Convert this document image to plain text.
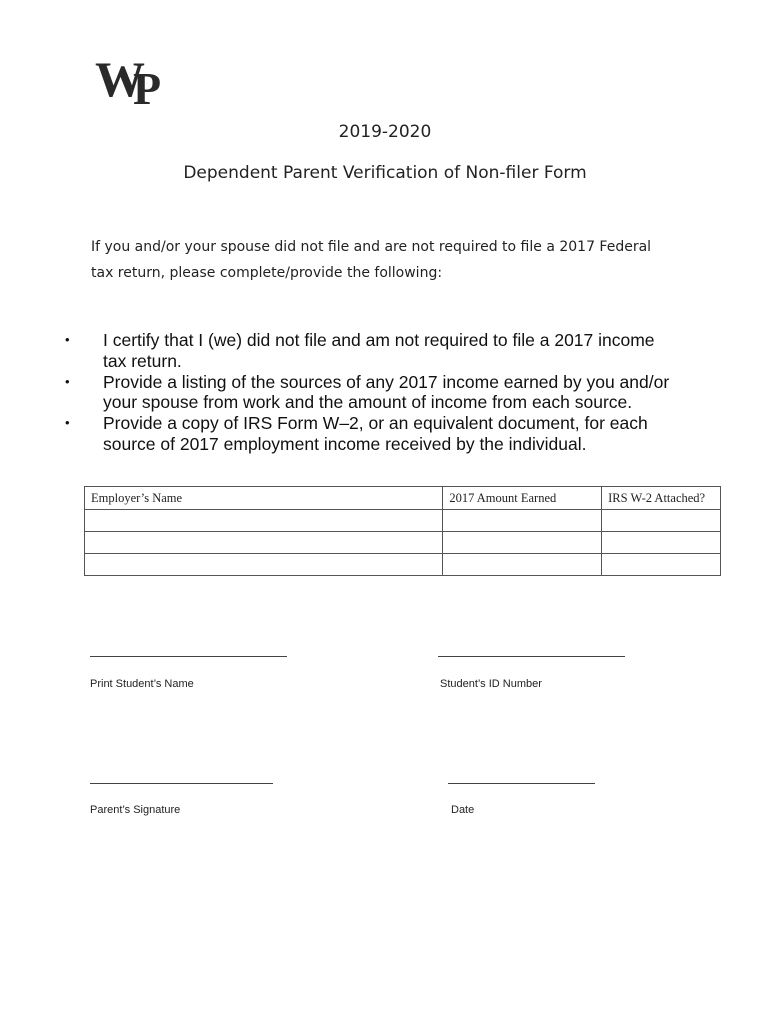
W
P
2019-2020
Dependent Parent Verification of Non-filer Form
If you and/or your spouse did not file and are not required to file a 2017 Federal
tax return, please complete/provide the following:
• I certify that I (we) did not file and am not required to file a 2017 income
tax return.
• Provide a listing of the sources of any 2017 income earned by you and/or
your spouse from work and the amount of income from each source.
• Provide a copy of IRS Form W–2, or an equivalent document, for each
source of 2017 employment income received by the individual.
Employer’s Name	2017 Amount Earned	IRS W-2 Attached?

Print Student’s Name	Student’s ID Number
Parent’s Signature	Date
